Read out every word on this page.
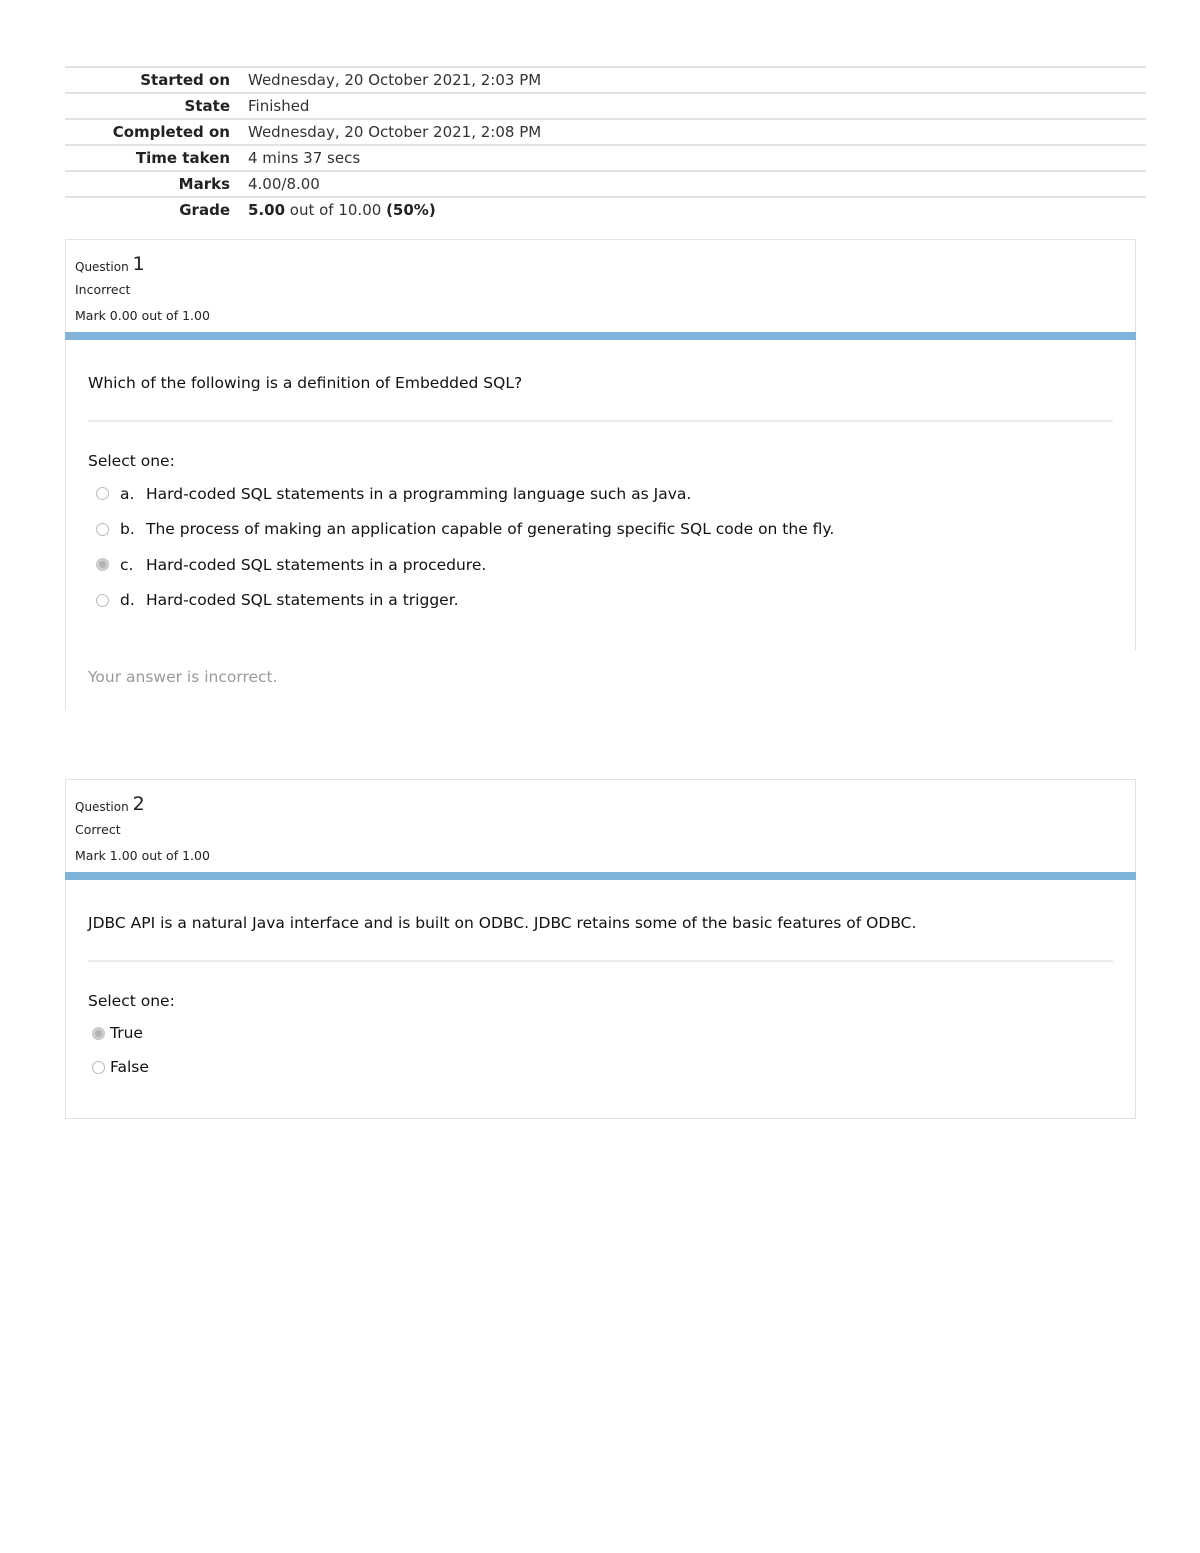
Started on	Wednesday, 20 October 2021, 2:03 PM
State	Finished
Completed on	Wednesday, 20 October 2021, 2:08 PM
Time taken	4 mins 37 secs
Marks	4.00/8.00
Grade	5.00 out of 10.00 (50%)
Question 1
Incorrect
Mark 0.00 out of 1.00
Which of the following is a definition of Embedded SQL?
Select one:
a. Hard-coded SQL statements in a programming language such as Java.
b. The process of making an application capable of generating specific SQL code on the fly.
c. Hard-coded SQL statements in a procedure.
d. Hard-coded SQL statements in a trigger.
Your answer is incorrect.
Question 2
Correct
Mark 1.00 out of 1.00
JDBC API is a natural Java interface and is built on ODBC. JDBC retains some of the basic features of ODBC.
Select one:
True
False
